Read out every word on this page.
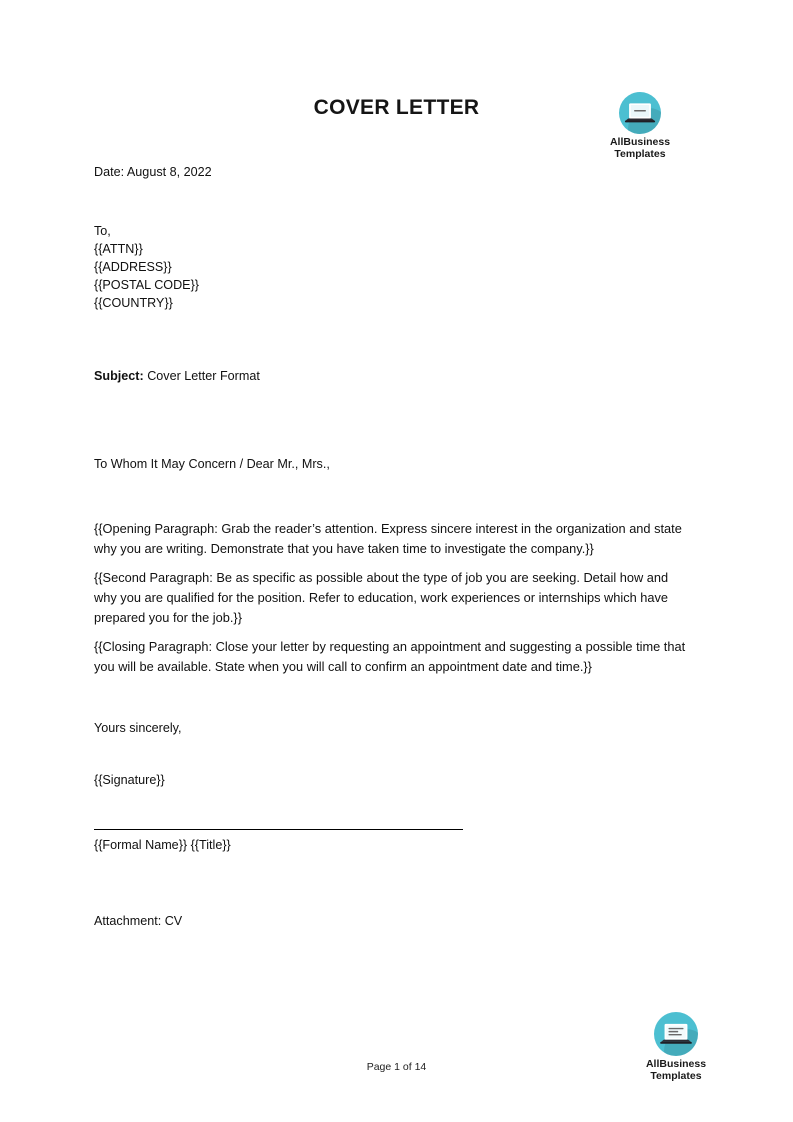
COVER LETTER
AllBusiness
Templates
Date: August 8, 2022
To,
{{ATTN}}
{{ADDRESS}}
{{POSTAL CODE}}
{{COUNTRY}}
Subject: Cover Letter Format
To Whom It May Concern / Dear Mr., Mrs.,
{{Opening Paragraph: Grab the reader’s attention. Express sincere interest in the organization and state why you are writing. Demonstrate that you have taken time to investigate the company.}}
{{Second Paragraph: Be as specific as possible about the type of job you are seeking. Detail how and why you are qualified for the position. Refer to education, work experiences or internships which have prepared you for the job.}}
{{Closing Paragraph: Close your letter by requesting an appointment and suggesting a possible time that you will be available. State when you will call to confirm an appointment date and time.}}
Yours sincerely,
{{Signature}}
{{Formal Name}} {{Title}}
Attachment: CV
Page 1 of 14	AllBusiness
Templates
